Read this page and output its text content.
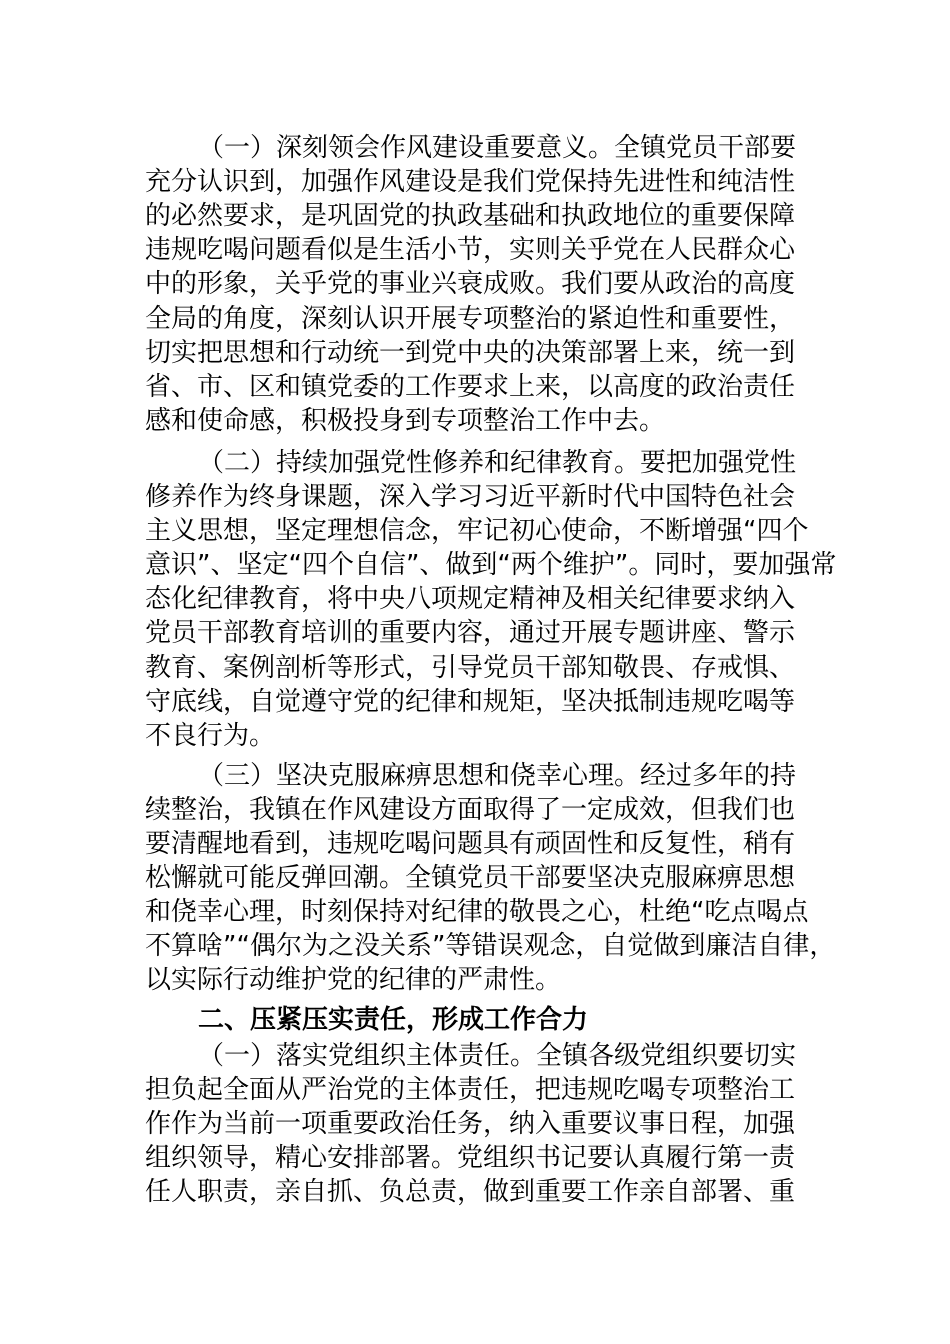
（一）深刻领会作风建设重要意义。全镇党员干部要
充分认识到，加强作风建设是我们党保持先进性和纯洁性
的必然要求，是巩固党的执政基础和执政地位的重要保障
违规吃喝问题看似是生活小节，实则关乎党在人民群众心
中的形象，关乎党的事业兴衰成败。我们要从政治的高度
全局的角度，深刻认识开展专项整治的紧迫性和重要性，
切实把思想和行动统一到党中央的决策部署上来，统一到
省、市、区和镇党委的工作要求上来，以高度的政治责任
感和使命感，积极投身到专项整治工作中去。
（二）持续加强党性修养和纪律教育。要把加强党性
修养作为终身课题，深入学习习近平新时代中国特色社会
主义思想，坚定理想信念，牢记初心使命，不断增强“四个
意识”、坚定“四个自信”、做到“两个维护”。同时，要加强常
态化纪律教育，将中央八项规定精神及相关纪律要求纳入
党员干部教育培训的重要内容，通过开展专题讲座、警示
教育、案例剖析等形式，引导党员干部知敬畏、存戒惧、
守底线，自觉遵守党的纪律和规矩，坚决抵制违规吃喝等
不良行为。
（三）坚决克服麻痹思想和侥幸心理。经过多年的持
续整治，我镇在作风建设方面取得了一定成效，但我们也
要清醒地看到，违规吃喝问题具有顽固性和反复性，稍有
松懈就可能反弹回潮。全镇党员干部要坚决克服麻痹思想
和侥幸心理，时刻保持对纪律的敬畏之心，杜绝“吃点喝点
不算啥”“偶尔为之没关系”等错误观念，自觉做到廉洁自律，
以实际行动维护党的纪律的严肃性。
二、压紧压实责任，形成工作合力
（一）落实党组织主体责任。全镇各级党组织要切实
担负起全面从严治党的主体责任，把违规吃喝专项整治工
作作为当前一项重要政治任务，纳入重要议事日程，加强
组织领导，精心安排部署。党组织书记要认真履行第一责
任人职责，亲自抓、负总责，做到重要工作亲自部署、重
